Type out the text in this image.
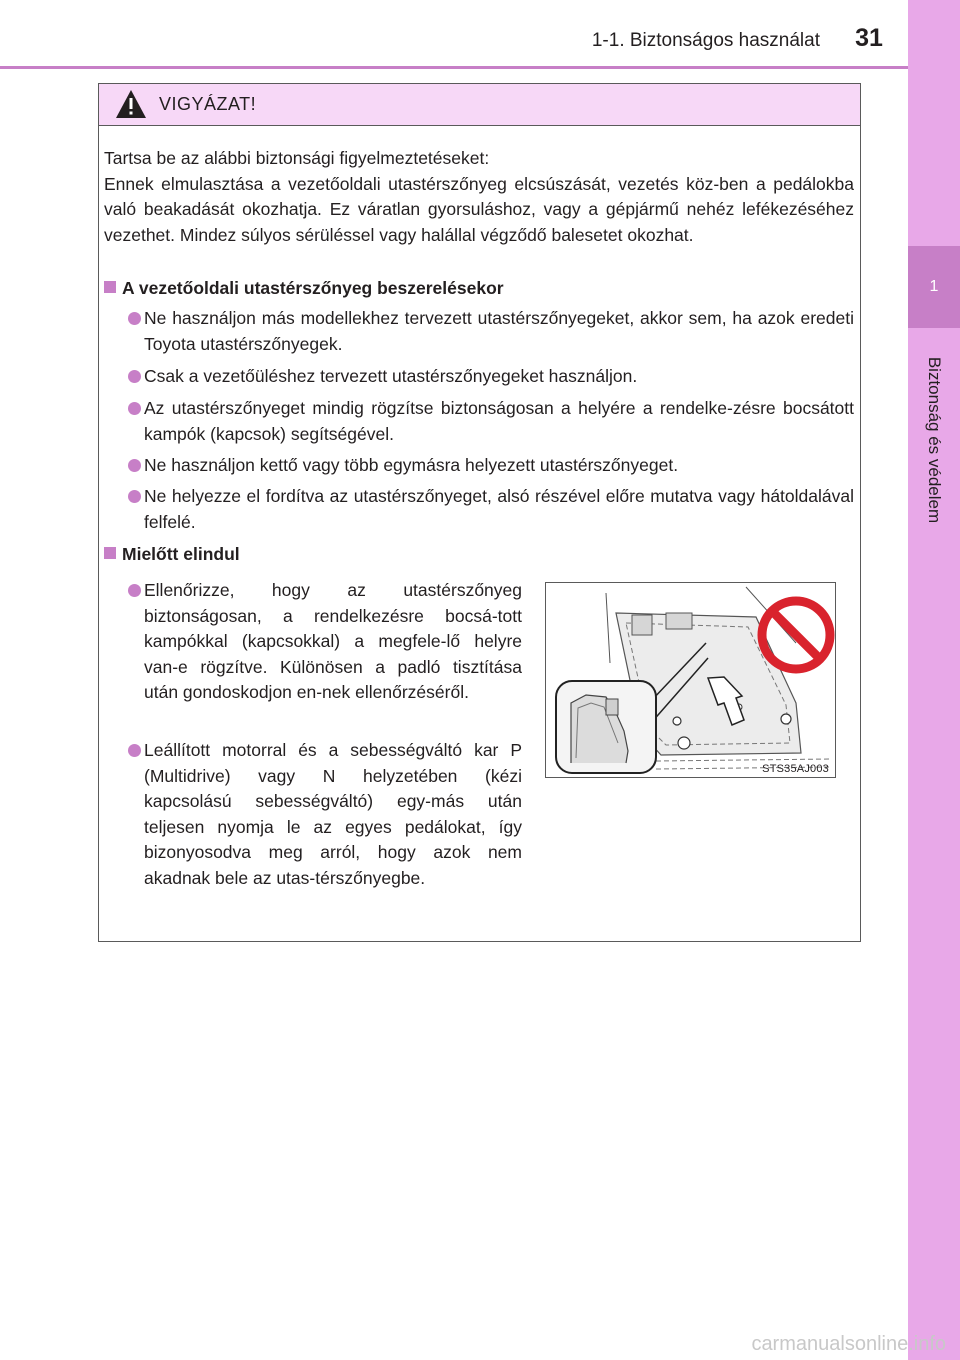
1-1. Biztonságos használat	31
1
Biztonság és védelem
VIGYÁZAT!
Tartsa be az alábbi biztonsági figyelmeztetéseket:
Ennek elmulasztása a vezetőoldali utastérszőnyeg elcsúszását, vezetés köz-ben a pedálokba való beakadását okozhatja. Ez váratlan gyorsuláshoz, vagy a gépjármű nehéz lefékezéséhez vezethet. Mindez súlyos sérüléssel vagy halállal végződő balesetet okozhat.
A vezetőoldali utastérszőnyeg beszerelésekor
Ne használjon más modellekhez tervezett utastérszőnyegeket, akkor sem, ha azok eredeti Toyota utastérszőnyegek.
Csak a vezetőüléshez tervezett utastérszőnyegeket használjon.
Az utastérszőnyeget mindig rögzítse biztonságosan a helyére a rendelke-zésre bocsátott kampók (kapcsok) segítségével.
Ne használjon kettő vagy több egymásra helyezett utastérszőnyeget.
Ne helyezze el fordítva az utastérszőnyeget, alsó részével előre mutatva vagy hátoldalával felfelé.
Mielőtt elindul
Ellenőrizze, hogy az utastérszőnyeg biztonságosan, a rendelkezésre bocsá-tott kampókkal (kapcsokkal) a megfele-lő helyre van-e rögzítve. Különösen a padló tisztítása után gondoskodjon en-nek ellenőrzéséről.
Leállított motorral és a sebességváltó kar P (Multidrive) vagy N helyzetében (kézi kapcsolású sebességváltó) egy-más után teljesen nyomja le az egyes pedálokat, így bizonyosodva meg arról, hogy azok nem akadnak bele az utas-térszőnyegbe.
STS35AJ003
carmanualsonline.info
